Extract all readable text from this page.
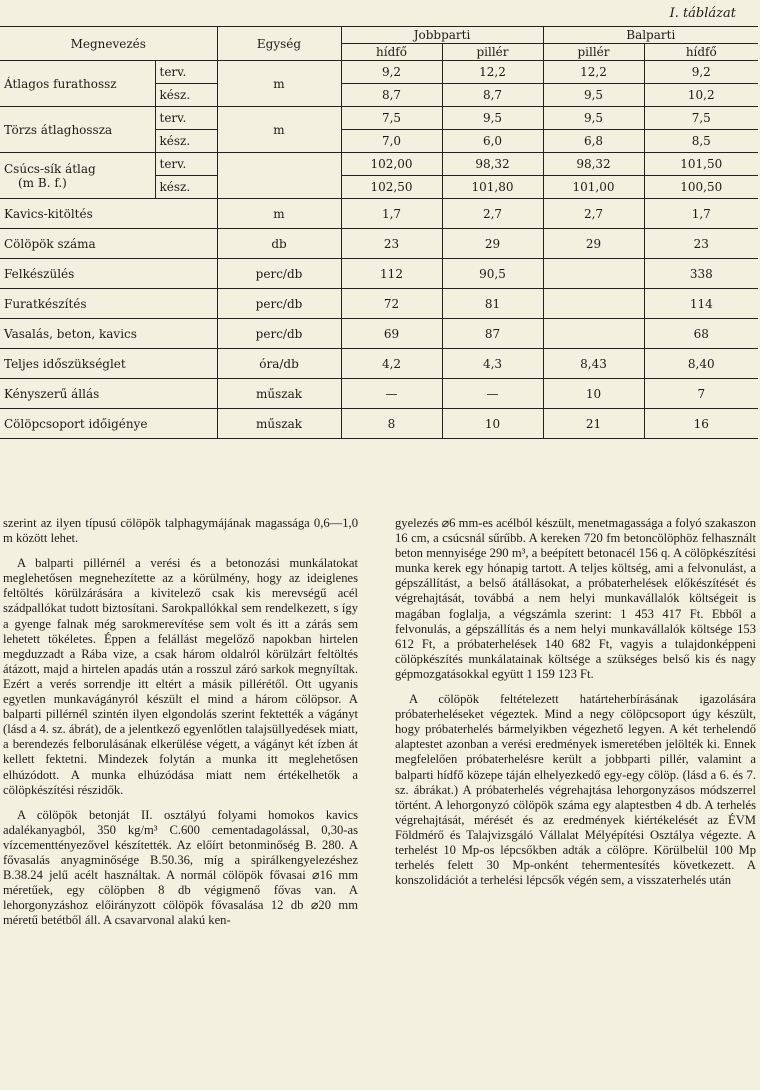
I. táblázat
Megnevezés		Egység	Jobbparti		Balparti	
			hídfő	pillér	pillér	hídfő
Átlagos furathossz	terv.	m	9,2	12,2	12,2	9,2
	kész.		8,7	8,7	9,5	10,2
Törzs átlaghossza	terv.	m	7,5	9,5	9,5	7,5
	kész.		7,0	6,0	6,8	8,5
Csúcs-sík átlag
(m B. f.)	terv.		102,00	98,32	98,32	101,50
	kész.		102,50	101,80	101,00	100,50
Kavics-kitöltés		m	1,7	2,7	2,7	1,7
Cölöpök száma		db	23	29	29	23
Felkészülés		perc/db	112	90,5		338
Furatkészítés		perc/db	72	81		114
Vasalás, beton, kavics		perc/db	69	87		68
Teljes időszükséglet		óra/db	4,2	4,3	8,43	8,40
Kényszerű állás		műszak	—	—	10	7
Cölöpcsoport időigénye		műszak	8	10	21	16

szerint az ilyen típusú cölöpök talphagymájának magassága 0,6—1,0 m között lehet.

A balparti pillérnél a verési és a betonozási munkálatokat meglehetősen megnehezítette az a körülmény, hogy az ideiglenes feltöltés körülzárására a kivitelező csak kis merevségű acél szádpallókat tudott biztosítani. Sarokpallókkal sem rendelkezett, s így a gyenge falnak még sarokmerevítése sem volt és itt a zárás sem lehetett tökéletes. Éppen a felállást megelőző napokban hirtelen megduzzadt a Rába vize, a csak három oldalról körülzárt feltöltés átázott, majd a hirtelen apadás után a rosszul záró sarkok megnyíltak. Ezért a verés sorrendje itt eltért a másik pillérétől. Ott ugyanis egyetlen munkavágányról készült el mind a három cölöpsor. A balparti pillérnél szintén ilyen elgondolás szerint fektették a vágányt (lásd a 4. sz. ábrát), de a jelentkező egyenlőtlen talajsüllyedések miatt, a berendezés felborulásának elkerülése végett, a vágányt két ízben át kellett fektetni. Mindezek folytán a munka itt meglehetősen elhúzódott. A munka elhúzódása miatt nem értékelhetők a cölöpkészítési részidők.

A cölöpök betonját II. osztályú folyami homokos kavics adalékanyagból, 350 kg/m³ C.600 cementadagolással, 0,30-as vízcementtényezővel készítették. Az előírt betonminőség B. 280. A fővasalás anyagminősége B.50.36, míg a spirálkengyelezéshez B.38.24 jelű acélt használtak. A normál cölöpök fővasai ⌀16 mm méretűek, egy cölöpben 8 db végigmenő fővas van. A lehorgonyzáshoz előirányzott cölöpök fővasalása 12 db ⌀20 mm méretű betétből áll. A csavarvonal alakú ken-

gyelezés ⌀6 mm-es acélból készült, menetmagassága a folyó szakaszon 16 cm, a csúcsnál sűrűbb. A kereken 720 fm betoncölöphöz felhasznált beton mennyisége 290 m³, a beépített betonacél 156 q. A cölöpkészítési munka kerek egy hónapig tartott. A teljes költség, ami a felvonulást, a gépszállítást, a belső átállásokat, a próbaterhelések előkészítését és végrehajtását, továbbá a nem helyi munkavállalók költségeit is magában foglalja, a végszámla szerint: 1 453 417 Ft. Ebből a felvonulás, a gépszállítás és a nem helyi munkavállalók költsége 153 612 Ft, a próbaterhelések 140 682 Ft, vagyis a tulajdonképpeni cölöpkészítés munkálatainak költsége a szükséges belső kis és nagy gépmozgatásokkal együtt 1 159 123 Ft.

A cölöpök feltételezett határteherbírásának igazolására próbaterheléseket végeztek. Mind a negy cölöpcsoport úgy készült, hogy próbaterhelés bármelyikben végezhető legyen. A két terhelendő alaptestet azonban a verési eredmények ismeretében jelölték ki. Ennek megfelelően próbaterhelésre került a jobbparti pillér, valamint a balparti hídfő közepe táján elhelyezkedő egy-egy cölöp. (lásd a 6. és 7. sz. ábrákat.) A próbaterhelés végrehajtása lehorgonyzásos módszerrel történt. A lehorgonyzó cölöpök száma egy alaptestben 4 db. A terhelés végrehajtását, mérését és az eredmények kiértékelését az ÉVM Földmérő és Talajvizsgáló Vállalat Mélyépítési Osztálya végezte. A terhelést 10 Mp-os lépcsőkben adták a cölöpre. Körülbelül 100 Mp terhelés felett 30 Mp-onként tehermentesítés következett. A konszolidációt a terhelési lépcsők végén sem, a visszaterhelés után
